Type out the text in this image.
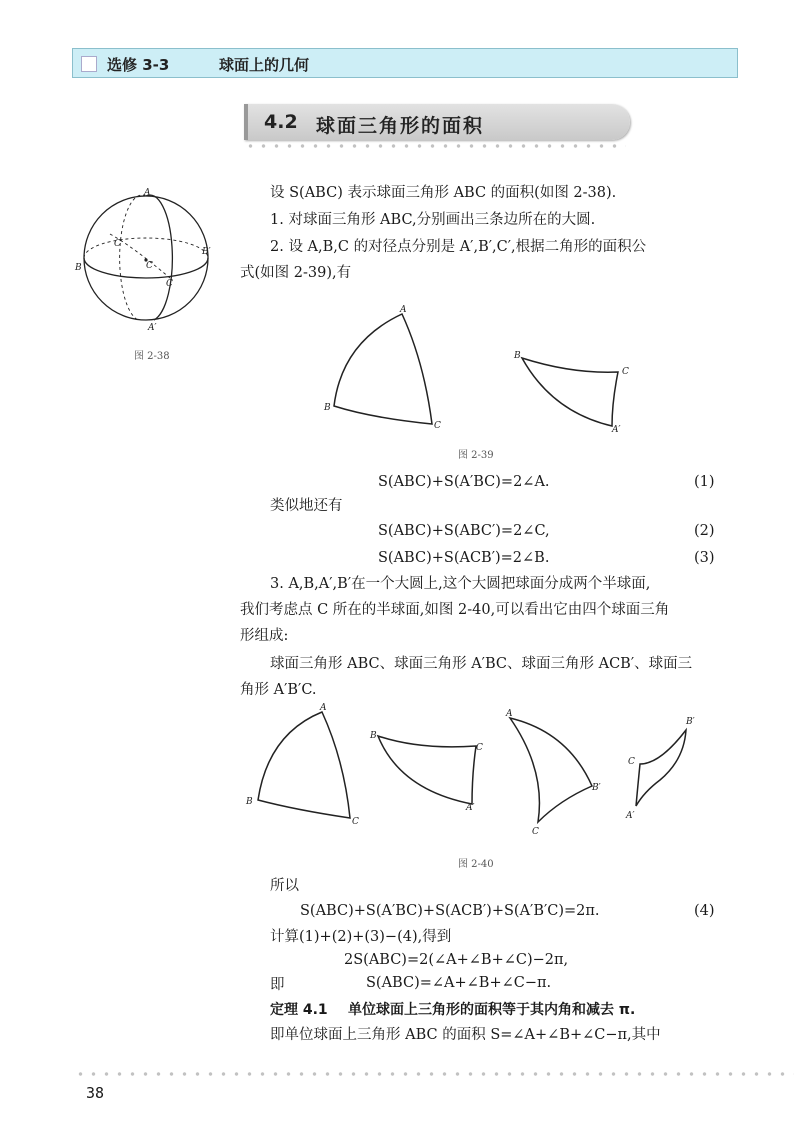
选修 3-3	球面上的几何
4.2 球面三角形的面积
A
B
B′
C′
C
C
A′
图 2-38
设 S(ABC) 表示球面三角形 ABC 的面积(如图 2-38).
1. 对球面三角形 ABC,分别画出三条边所在的大圆.
2. 设 A,B,C 的对径点分别是 A′,B′,C′,根据二角形的面积公
式(如图 2-39),有
A
B
C
B
C
A′
图 2-39
S(ABC)+S(A′BC)=2∠A.	(1)
类似地还有
S(ABC)+S(ABC′)=2∠C,	(2)
S(ABC)+S(ACB′)=2∠B.	(3)
3. A,B,A′,B′在一个大圆上,这个大圆把球面分成两个半球面,
我们考虑点 C 所在的半球面,如图 2-40,可以看出它由四个球面三角
形组成:
球面三角形 ABC、球面三角形 A′BC、球面三角形 ACB′、球面三
角形 A′B′C.
A
B
C
B
C
A′
A
B′
C
B′
C
A′
图 2-40
所以
S(ABC)+S(A′BC)+S(ACB′)+S(A′B′C)=2π.	(4)
计算(1)+(2)+(3)−(4),得到
2S(ABC)=2(∠A+∠B+∠C)−2π,
即	S(ABC)=∠A+∠B+∠C−π.
定理 4.1 单位球面上三角形的面积等于其内角和减去 π.
即单位球面上三角形 ABC 的面积 S=∠A+∠B+∠C−π,其中
38
